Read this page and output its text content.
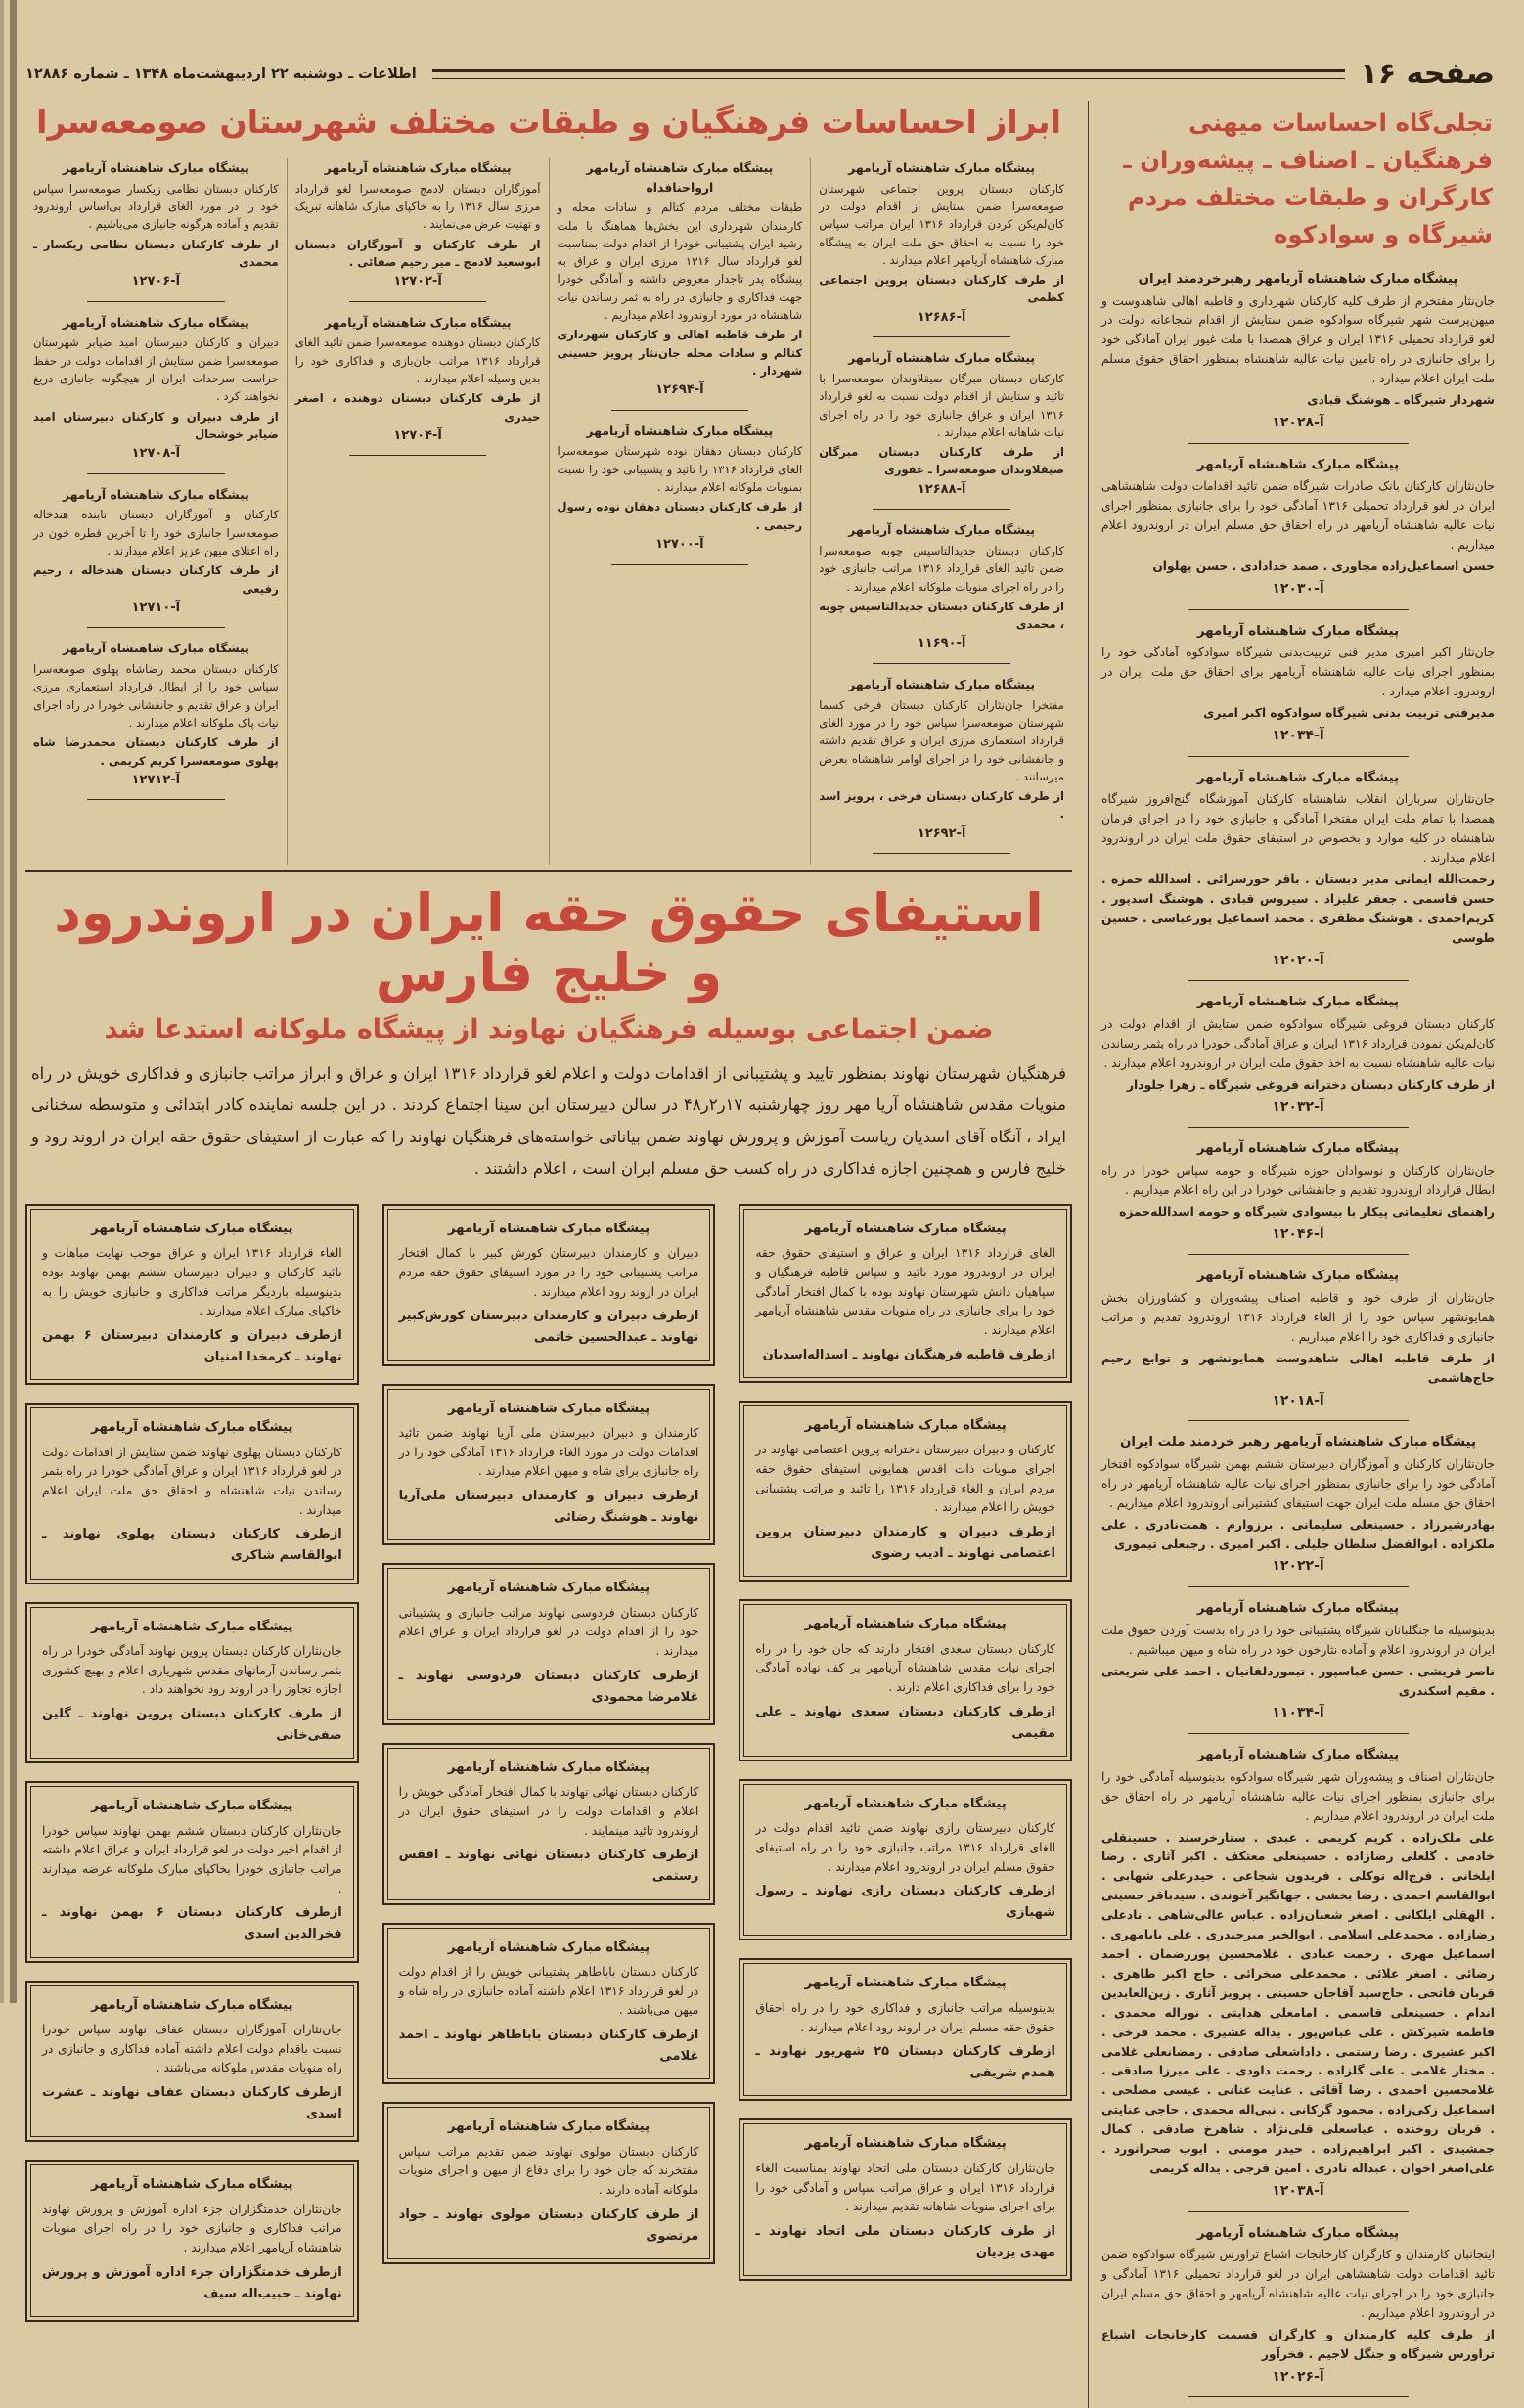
صفحه ۱۶
اطلاعات ـ دوشنبه ۲۲ اردیبهشت‌ماه ۱۳۴۸ ـ شماره ۱۲۸۸۶
تجلی‌گاه احساسات میهنی فرهنگیان ـ اصناف ـ پیشه‌وران ـ کارگران و طبقات مختلف مردم شیرگاه و سوادکوه
پیشگاه مبارک شاهنشاه آریامهر رهبرخردمند ایران
جان‌نثار مفتخرم از طرف کلیه کارکنان شهرداری و قاطبه اهالی شاهدوست و میهن‌پرست شهر شیرگاه سوادکوه ضمن ستایش از اقدام شجاعانه دولت در لغو قرارداد تحمیلی ۱۳۱۶ ایران و عراق همصدا با ملت غیور ایران آمادگی خود را برای جانبازی در راه تامین نیات عالیه شاهنشاه بمنظور احقاق حقوق مسلم ملت ایران اعلام میدارد .
شهردار شیرگاه ـ هوشنگ قبادی
آ-۱۲۰۲۸
پیشگاه مبارک شاهنشاه آریامهر
جان‌نثاران کارکنان بانک صادرات شیرگاه ضمن تائید اقدامات دولت شاهنشاهی ایران در لغو قرارداد تحمیلی ۱۳۱۶ آمادگی خود را برای جانبازی بمنظور اجرای نیات عالیه شاهنشاه آریامهر در راه احقاق حق مسلم ایران در اروندرود اعلام میداریم .
حسن اسماعیل‌زاده مجاوری . صمد خدادادی . حسن پهلوان
آ-۱۲۰۳۰
پیشگاه مبارک شاهنشاه آریامهر
جان‌نثار اکبر امیری مدیر فنی تربیت‌بدنی شیرگاه سوادکوه آمادگی خود را بمنظور اجرای نیات عالیه شاهنشاه آریامهر برای احقاق حق ملت ایران در اروندرود اعلام میدارد .
مدیرفنی تربیت بدنی شیرگاه سوادکوه اکبر امیری
آ-۱۲۰۳۴
پیشگاه مبارک شاهنشاه آریامهر
جان‌نثاران سربازان انقلاب شاهنشاه کارکنان آموزشگاه گنج‌افروز شیرگاه همصدا با تمام ملت ایران مفتخرا آمادگی و جانبازی خود را در اجرای فرمان شاهنشاه در کلیه موارد و بخصوص در استیفای حقوق ملت ایران در اروندرود اعلام میدارند .
رحمت‌الله ایمانی مدیر دبستان . باقر حورسرائی . اسدالله حمزه . حسن قاسمی . جعفر علیزاد . سیروس قبادی . هوشنگ اسدپور . کریم‌احمدی . هوشنگ مظفری . محمد اسماعیل پورعباسی . حسین طوسی
آ-۱۲۰۲۰
پیشگاه مبارک شاهنشاه آریامهر
کارکنان دبستان فروغی شیرگاه سوادکوه ضمن ستایش از اقدام دولت در کان‌لم‌یکن نمودن قرارداد ۱۳۱۶ ایران و عراق آمادگی خودرا در راه بثمر رساندن نیات عالیه شاهنشاه نسبت به اخذ حقوق ملت ایران در اروندرود اعلام میدارند .
از طرف کارکنان دبستان دخترانه فروغی شیرگاه ـ زهرا جلودار
آ-۱۲۰۳۲
پیشگاه مبارک شاهنشاه آریامهر
جان‌نثاران کارکنان و نوسوادان حوزه شیرگاه و حومه سپاس خودرا در راه ابطال قرارداد اروندرود تقدیم و جانفشانی خودرا در این راه اعلام میداریم .
راهنمای تعلیماتی پیکار با بیسوادی شیرگاه و حومه اسدالله‌حمزه
آ-۱۲۰۴۶
پیشگاه مبارک شاهنشاه آریامهر
جان‌نثاران از طرف خود و قاطبه اصناف پیشه‌وران و کشاورزان بخش همایونشهر سپاس خود را از الغاء قرارداد ۱۳۱۶ اروندرود تقدیم و مراتب جانبازی و فداکاری خود را اعلام میداریم .
از طرف قاطبه اهالی شاهدوست همایونشهر و توابع رحیم حاج‌هاشمی
آ-۱۲۰۱۸
پیشگاه مبارک شاهنشاه آریامهر رهبر خردمند ملت ایران
جان‌نثاران کارکنان و آموزگاران دبیرستان ششم بهمن شیرگاه سوادکوه افتخار آمادگی خود را برای جانبازی بمنظور اجرای نیات عالیه شاهنشاه آریامهر در راه احقاق حق مسلم ملت ایران جهت استیفای کشتیرانی اروندرود اعلام میداریم .
بهادرشیرزاد . حسینعلی سلیمانی . برزوارم . همت‌نادری . علی ملکزاده . ابوالفضل سلطان جلیلی . اکبر امیری . رجبعلی تیموری
آ-۱۲۰۲۲
پیشگاه مبارک شاهنشاه آریامهر
بدینوسیله ما جنگلبانان شیرگاه پشتیبانی خود را در راه بدست آوردن حقوق ملت ایران در اروندرود اعلام و آماده نثارخون خود در راه شاه و میهن میباشیم .
ناصر قریشی . حسن عباسپور . تیموردلفانیان . احمد علی شریعتی . مقیم اسکندری
آ-۱۱۰۳۴
پیشگاه مبارک شاهنشاه آریامهر
جان‌نثاران اصناف و پیشه‌وران شهر شیرگاه سوادکوه بدینوسیله آمادگی خود را برای جانبازی بمنظور اجرای نیات عالیه شاهنشاه آریامهر در راه احقاق حق ملت ایران در اروندرود اعلام میداریم .
علی ملک‌زاده . کریم کریمی . عبدی . ستارخرسند . حسینقلی خادمی . گلعلی رضازاده . حسینعلی معتکف . اکبر آثاری . رضا ایلخانی . فرج‌اله توکلی . فریدون شجاعی . حیدرعلی شهابی . ابوالقاسم احمدی . رضا بخشی . جهانگیر آخوندی . سیدباقر حسینی . الهقلی ایلکانی . اصغر شعبان‌زاده . عباس عالی‌شاهی . نادعلی رضازاده . محمدعلی اسلامی . ابوالخبر میرحیدری . علی بابامهری . اسماعیل مهری . رحمت عبادی . غلامحسین پوررضمان . احمد رضائی . اصغر علائی . محمدعلی صخرائی . حاج اکبر طاهری . قربان فاتحی . حاج‌سید آقاجان حسینی . پرویز آثاری . زین‌العابدین اندام . حسینعلی قاسمی . امامعلی هدایتی . نوراله محمدی . فاطمه شیرکش . علی عباس‌پور . یداله عشیری . محمد فرخی . اکبر عشیری . رضا رستمی . داداشعلی صادقی . رمضانعلی غلامی . مختار غلامی . علی گلزاده . رحمت داودی . علی میرزا صادقی . غلامحسین احمدی . رضا آقائی . عنایت عنانی . عیسی مصلحی . اسماعیل زکی‌زاده . محمود گرکانی . نبی‌اله محمدی . حاجی عنایتی . قربان روخنده . عباسعلی قلی‌نژاد . شاهرخ صادقی . کمال جمشیدی . اکبر ابراهیم‌زاده . حیدر مومنی . ایوب صحرانورد . علی‌اصغر اخوان . عبداله نادری . امین فرجی . یداله کریمی
آ-۱۲۰۳۸
پیشگاه مبارک شاهنشاه آریامهر
اینجانبان کارمندان و کارگران کارخانجات اشباع تراورس شیرگاه سوادکوه ضمن تائید اقدامات دولت شاهنشاهی ایران در لغو قرارداد تحمیلی ۱۳۱۶ آمادگی و جانبازی خود را در اجرای نیات عالیه شاهنشاه آریامهر و احقاق حق مسلم ایران در اروندرود اعلام میداریم .
از طرف کلیه کارمندان و کارگران قسمت کارخانجات اشباع تراورس شیرگاه و جنگل لاجیم . فخرآور
آ-۱۲۰۲۶
ابراز احساسات فرهنگیان و طبقات مختلف شهرستان صومعه‌سرا
پیشگاه مبارک شاهنشاه آریامهر
کارکنان دبستان پروین اجتماعی شهرستان صومعه‌سرا ضمن ستایش از اقدام دولت در کان‌لم‌یکن کردن قرارداد ۱۳۱۶ ایران مراتب سپاس خود را نسبت به احقاق حق ملت ایران به پیشگاه مبارک شاهنشاه آریامهر اعلام میدارند .
از طرف کارکنان دبستان پروین اجتماعی کظمی
آ-۱۲۶۸۶
پیشگاه مبارک شاهنشاه آریامهر
کارکنان دبستان مبرگان صیقلاوندان صومعه‌سرا با تائید و ستایش از اقدام دولت نسبت به لغو قرارداد ۱۳۱۶ ایران و عراق جانبازی خود را در راه اجرای نیات شاهانه اعلام میدارند .
از طرف کارکنان دبستان مبرگان صیقلاوندان صومعه‌سرا ـ غفوری
آ-۱۲۶۸۸
پیشگاه مبارک شاهنشاه آریامهر
کارکنان دبستان جدیدالتاسیس چوبه صومعه‌سرا ضمن تائید الغای قرارداد ۱۳۱۶ مراتب جانبازی خود را در راه اجرای منویات ملوکانه اعلام میدارند .
از طرف کارکنان دبستان جدیدالتاسیس چوبه ، محمدی
آ-۱۱۶۹۰
پیشگاه مبارک شاهنشاه آریامهر
مفتخرا جان‌نثاران کارکنان دبستان فرخی کسما شهرستان صومعه‌سرا سپاس خود را در مورد الغای قرارداد استعماری مرزی ایران و عراق تقدیم داشته و جانفشانی خود را در اجرای اوامر شاهنشاه بعرض میرسانند .
از طرف کارکنان دبستان فرخی ، پرویز اسد .
آ-۱۲۶۹۲
پیشگاه مبارک شاهنشاه آریامهر ارواحنافداه
طبقات مختلف مردم کتالم و سادات محله و کارمندان شهرداری این بخش‌ها هماهنگ با ملت رشید ایران پشتیبانی خودرا از اقدام دولت بمناسبت لغو قرارداد سال ۱۳۱۶ مرزی ایران و عراق به پیشگاه پدر تاجدار معروض داشته و آمادگی خودرا جهت فداکاری و جانبازی در راه به ثمر رساندن نیات شاهنشاه در مورد اروندرود اعلام میداریم .
از طرف قاطبه اهالی و کارکنان شهرداری کتالم و سادات محله جان‌نثار پرویز حسینی شهردار .
آ-۱۲۶۹۴
پیشگاه مبارک شاهنشاه آریامهر
کارکنان دبستان دهقان نوده شهرستان صومعه‌سرا الغای قرارداد ۱۳۱۶ را تائید و پشتیبانی خود را نسبت بمنویات ملوکانه اعلام میدارند .
از طرف کارکنان دبستان دهقان نوده رسول رحیمی .
آ-۱۲۷۰۰
پیشگاه مبارک شاهنشاه آریامهر
آموزگاران دبستان لادمج صومعه‌سرا لغو قرارداد مرزی سال ۱۳۱۶ را به خاکپای مبارک شاهانه تبریک و تهنیت عرض می‌نمایند .
از طرف کارکنان و آموزگاران دبستان ابوسعید لادمج ـ میر رحیم صفائی .
آ-۱۲۷۰۲
پیشگاه مبارک شاهنشاه آریامهر
کارکنان دبستان دوهنده صومعه‌سرا ضمن تائید الغای قرارداد ۱۳۱۶ مراتب جان‌بازی و فداکاری خود را بدین وسیله اعلام میدارند .
از طرف کارکنان دبستان دوهنده ، اصغر حیدری
آ-۱۲۷۰۴
پیشگاه مبارک شاهنشاه آریامهر
کارکنان دبستان نظامی زیکسار صومعه‌سرا سپاس خود را در مورد الغای قرارداد بی‌اساس اروندرود تقدیم و آماده هرگونه جانبازی می‌باشیم .
از طرف کارکنان دبستان نظامی زیکسار ـ محمدی
آ-۱۲۷۰۶
پیشگاه مبارک شاهنشاه آریامهر
دبیران و کارکنان دبیرستان امید ضیابر شهرستان صومعه‌سرا ضمن ستایش از اقدامات دولت در حفظ حراست سرحدات ایران از هیچگونه جانبازی دریغ نخواهند کرد .
از طرف دبیران و کارکنان دبیرستان امید ضیابر خوشحال
آ-۱۲۷۰۸
پیشگاه مبارک شاهنشاه آریامهر
کارکنان و آموزگاران دبستان تابنده هندخاله صومعه‌سرا جانبازی خود را تا آخرین قطره خون در راه اعتلای میهن عزیز اعلام میدارند .
از طرف کارکنان دبستان هندخاله ، رحیم رفیعی
آ-۱۲۷۱۰
پیشگاه مبارک شاهنشاه آریامهر
کارکنان دبستان محمد رضاشاه پهلوی صومعه‌سرا سپاس خود را از ابطال قرارداد استعماری مرزی ایران و عراق تقدیم و جانفشانی خودرا در راه اجرای نیات پاک ملوکانه اعلام میدارند .
از طرف کارکنان دبستان محمدرضا شاه پهلوی صومعه‌سرا کریم کریمی .
آ-۱۲۷۱۲
استیفای حقوق حقه ایران در اروندرود و خلیج فارس
ضمن اجتماعی بوسیله فرهنگیان نهاوند از پیشگاه ملوکانه استدعا شد
فرهنگیان شهرستان نهاوند بمنظور تایید و پشتیبانی از اقدامات دولت و اعلام لغو قرارداد ۱۳۱۶ ایران و عراق و ابراز مراتب جانبازی و فداکاری خویش در راه منویات مقدس شاهنشاه آریا مهر روز چهارشنبه ۱۷ر۲ر۴۸ در سالن دبیرستان ابن سینا اجتماع کردند . در این جلسه نماینده کادر ابتدائی و متوسطه سخنانی ایراد ، آنگاه آقای اسدیان ریاست آموزش و پرورش نهاوند ضمن بیاناتی خواسته‌های فرهنگیان نهاوند را که عبارت از استیفای حقوق حقه ایران در اروند رود و خلیج فارس و همچنین اجازه فداکاری در راه کسب حق مسلم ایران است ، اعلام داشتند .
پیشگاه مبارک شاهنشاه آریامهر
الغای قرارداد ۱۳۱۶ ایران و عراق و استیفای حقوق حقه ایران در اروندرود مورد تائید و سپاس قاطبه فرهنگیان و سپاهیان دانش شهرستان نهاوند بوده با کمال افتخار آمادگی خود را برای جانبازی در راه منویات مقدس شاهنشاه آریامهر اعلام میدارند .
ازطرف قاطبه فرهنگیان نهاوند ـ اسداله‌اسدیان
پیشگاه مبارک شاهنشاه آریامهر
کارکنان و دبیران دبیرستان دخترانه پروین اعتصامی نهاوند در اجرای منویات ذات اقدس همایونی استیفای حقوق حقه مردم ایران و الغاء قرارداد ۱۳۱۶ را تائید و مراتب پشتیبانی خویش را اعلام میدارند .
ازطرف دبیران و کارمندان دبیرستان پروین اعتصامی نهاوند ـ ادیب رضوی
پیشگاه مبارک شاهنشاه آریامهر
کارکنان دبستان سعدی افتخار دارند که جان خود را در راه اجرای نیات مقدس شاهنشاه آریامهر بر کف نهاده آمادگی خود را برای فداکاری اعلام دارند .
ازطرف کارکنان دبستان سعدی نهاوند ـ علی مقیمی
پیشگاه مبارک شاهنشاه آریامهر
کارکنان دبیرستان رازی نهاوند ضمن تائید اقدام دولت در الغای قرارداد ۱۳۱۶ مراتب جانبازی خود را در راه استیفای حقوق مسلم ایران در اروندرود اعلام میدارند .
ازطرف کارکنان دبستان رازی نهاوند ـ رسول شهبازی
پیشگاه مبارک شاهنشاه آریامهر
بدینوسیله مراتب جانبازی و فداکاری خود را در راه احقاق حقوق حقه مسلم ایران در اروند رود اعلام میدارند .
ازطرف کارکنان دبستان ۲۵ شهریور نهاوند ـ همدم شریفی
پیشگاه مبارک شاهنشاه آریامهر
جان‌نثاران کارکنان دبستان ملی اتحاد نهاوند بمناسبت الغاء قرارداد ۱۳۱۶ ایران و عراق مراتب سپاس و آمادگی خود را برای اجرای منویات شاهانه تقدیم میدارند .
از طرف کارکنان دبستان ملی اتحاد نهاوند ـ مهدی یزدیان
پیشگاه مبارک شاهنشاه آریامهر
دبیران و کارمندان دبیرستان کورش کبیر با کمال افتخار مراتب پشتیبانی خود را در مورد استیفای حقوق حقه مردم ایران در اروند رود اعلام میدارند .
ازطرف دبیران و کارمندان دبیرستان کورش‌کبیر نهاوند ـ عبدالحسین خاتمی
پیشگاه مبارک شاهنشاه آریامهر
کارمندان و دبیران دبیرستان ملی آریا نهاوند ضمن تائید اقدامات دولت در مورد الغاء قرارداد ۱۳۱۶ آمادگی خود را در راه جانبازی برای شاه و میهن اعلام میدارند .
ازطرف دبیران و کارمندان دبیرستان ملی‌آریا نهاوند ـ هوشنگ رضائی
پیشگاه مبارک شاهنشاه آریامهر
کارکنان دبستان فردوسی نهاوند مراتب جانبازی و پشتیبانی خود را از اقدام دولت در لغو قرارداد ایران و عراق اعلام میدارند .
ازطرف کارکنان دبستان فردوسی نهاوند ـ غلامرضا محمودی
پیشگاه مبارک شاهنشاه آریامهر
کارکنان دبستان نهائی نهاوند با کمال افتخار آمادگی خویش را اعلام و اقدامات دولت را در استیفای حقوق ایران در اروندرود تائید مینمایند .
ازطرف کارکنان دبستان نهائی نهاوند ـ افقس رستمی
پیشگاه مبارک شاهنشاه آریامهر
کارکنان دبستان باباطاهر پشتیبانی خویش را از اقدام دولت در لغو قرارداد ۱۳۱۶ اعلام داشته آماده جانبازی در راه شاه و میهن می‌باشند .
ازطرف کارکنان دبستان باباطاهر نهاوند ـ احمد غلامی
پیشگاه مبارک شاهنشاه آریامهر
کارکنان دبستان مولوی نهاوند ضمن تقدیم مراتب سپاس مفتخرند که جان خود را برای دفاع از میهن و اجرای منویات ملوکانه آماده دارند .
از طرف کارکنان دبستان مولوی نهاوند ـ جواد مرتضوی
پیشگاه مبارک شاهنشاه آریامهر
الغاء قرارداد ۱۳۱۶ ایران و عراق موجب نهایت مباهات و تائید کارکنان و دبیران دبیرستان ششم بهمن نهاوند بوده بدینوسیله باردیگر مراتب فداکاری و جانبازی خویش را به خاکپای مبارک اعلام میدارند .
ازطرف دبیران و کارمندان دبیرستان ۶ بهمن نهاوند ـ کرمخدا امنیان
پیشگاه مبارک شاهنشاه آریامهر
کارکنان دبستان پهلوی نهاوند ضمن ستایش از اقدامات دولت در لغو قرارداد ۱۳۱۶ ایران و عراق آمادگی خودرا در راه بثمر رساندن نیات شاهنشاه و احقاق حق ملت ایران اعلام میدارند .
ازطرف کارکنان دبستان پهلوی نهاوند ـ ابوالقاسم شاکری
پیشگاه مبارک شاهنشاه آریامهر
جان‌نثاران کارکنان دبستان پروین نهاوند آمادگی خودرا در راه بثمر رساندن آرمانهای مقدس شهریاری اعلام و بهیچ کشوری اجازه تجاوز را در اروند رود نخواهند داد .
از طرف کارکنان دبستان پروین نهاوند ـ گلین صفی‌خانی
پیشگاه مبارک شاهنشاه آریامهر
جان‌نثاران کارکنان دبستان ششم بهمن نهاوند سپاس خودرا از اقدام اخیر دولت در لغو قرارداد ایران و عراق اعلام داشته مراتب جانبازی خودرا بخاکپای مبارک ملوکانه عرضه میدارند .
ازطرف کارکنان دبستان ۶ بهمن نهاوند ـ فخرالدین اسدی
پیشگاه مبارک شاهنشاه آریامهر
جان‌نثاران آموزگاران دبستان عفاف نهاوند سپاس خودرا نسبت باقدام دولت اعلام داشته آماده فداکاری و جانبازی در راه منویات مقدس ملوکانه می‌باشند .
ازطرف کارکنان دبستان عفاف نهاوند ـ عشرت اسدی
پیشگاه مبارک شاهنشاه آریامهر
جان‌نثاران خدمتگزاران جزء اداره آموزش و پرورش نهاوند مراتب فداکاری و جانبازی خود را در راه اجرای منویات شاهنشاه آریامهر اعلام میدارند .
ازطرف خدمتگزاران جزء اداره آموزش و پرورش نهاوند ـ حبیب‌اله سیف
